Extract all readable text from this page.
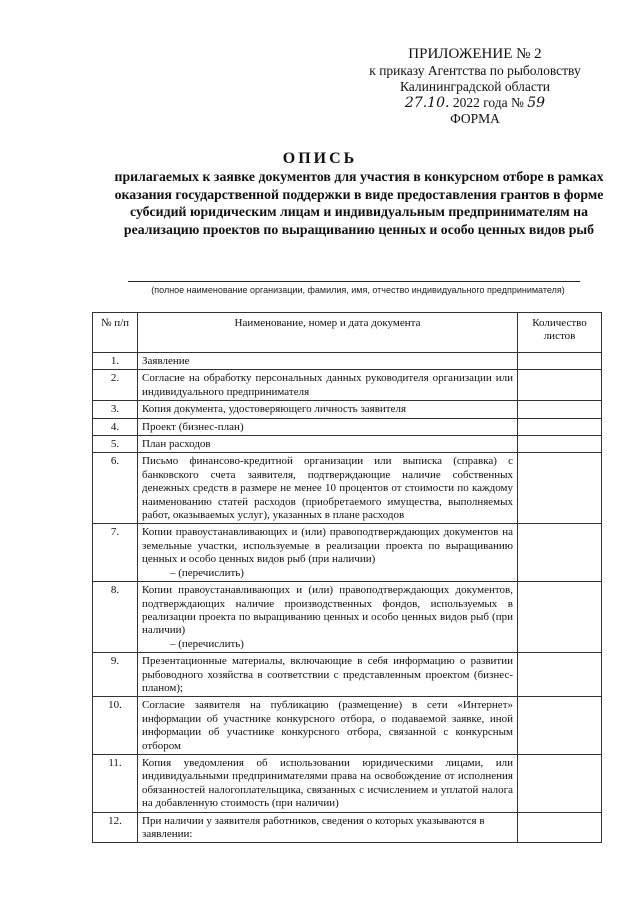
ПРИЛОЖЕНИЕ № 2
к приказу Агентства по рыболовству
Калининградской области
27.10. 2022 года № 59
ФОРМА
ОПИСЬ
прилагаемых к заявке документов для участия в конкурсном отборе в рамках оказания государственной поддержки в виде предоставления грантов в форме субсидий юридическим лицам и индивидуальным предпринимателям на реализацию проектов по выращиванию ценных и особо ценных видов рыб
(полное наименование организации, фамилия, имя, отчество индивидуального предпринимателя)
№ п/п	Наименование, номер и дата документа	Количество листов
1.	Заявление	
2.	Согласие на обработку персональных данных руководителя организации или индивидуального предпринимателя	
3.	Копия документа, удостоверяющего личность заявителя	
4.	Проект (бизнес-план)	
5.	План расходов	
6.	Письмо финансово-кредитной организации или выписка (справка) с банковского счета заявителя, подтверждающие наличие собственных денежных средств в размере не менее 10 процентов от стоимости по каждому наименованию статей расходов (приобретаемого имущества, выполняемых работ, оказываемых услуг), указанных в плане расходов	
7.	Копии правоустанавливающих и (или) правоподтверждающих документов на земельные участки, используемые в реализации проекта по выращиванию ценных и особо ценных видов рыб (при наличии)
– (перечислить)	

8.	Копии правоустанавливающих и (или) правоподтверждающих документов, подтверждающих наличие производственных фондов, используемых в реализации проекта по выращиванию ценных и особо ценных видов рыб (при наличии)
– (перечислить)	

9.	Презентационные материалы, включающие в себя информацию о развитии рыбоводного хозяйства в соответствии с представленным проектом (бизнес-планом);	
10.	Согласие заявителя на публикацию (размещение) в сети «Интернет» информации об участнике конкурсного отбора, о подаваемой заявке, иной информации об участнике конкурсного отбора, связанной с конкурсным отбором	
11.	Копия уведомления об использовании юридическими лицами, или индивидуальными предпринимателями права на освобождение от исполнения обязанностей налогоплательщика, связанных с исчислением и уплатой налога на добавленную стоимость (при наличии)	
12.	При наличии у заявителя работников, сведения о которых указываются в заявлении:	
